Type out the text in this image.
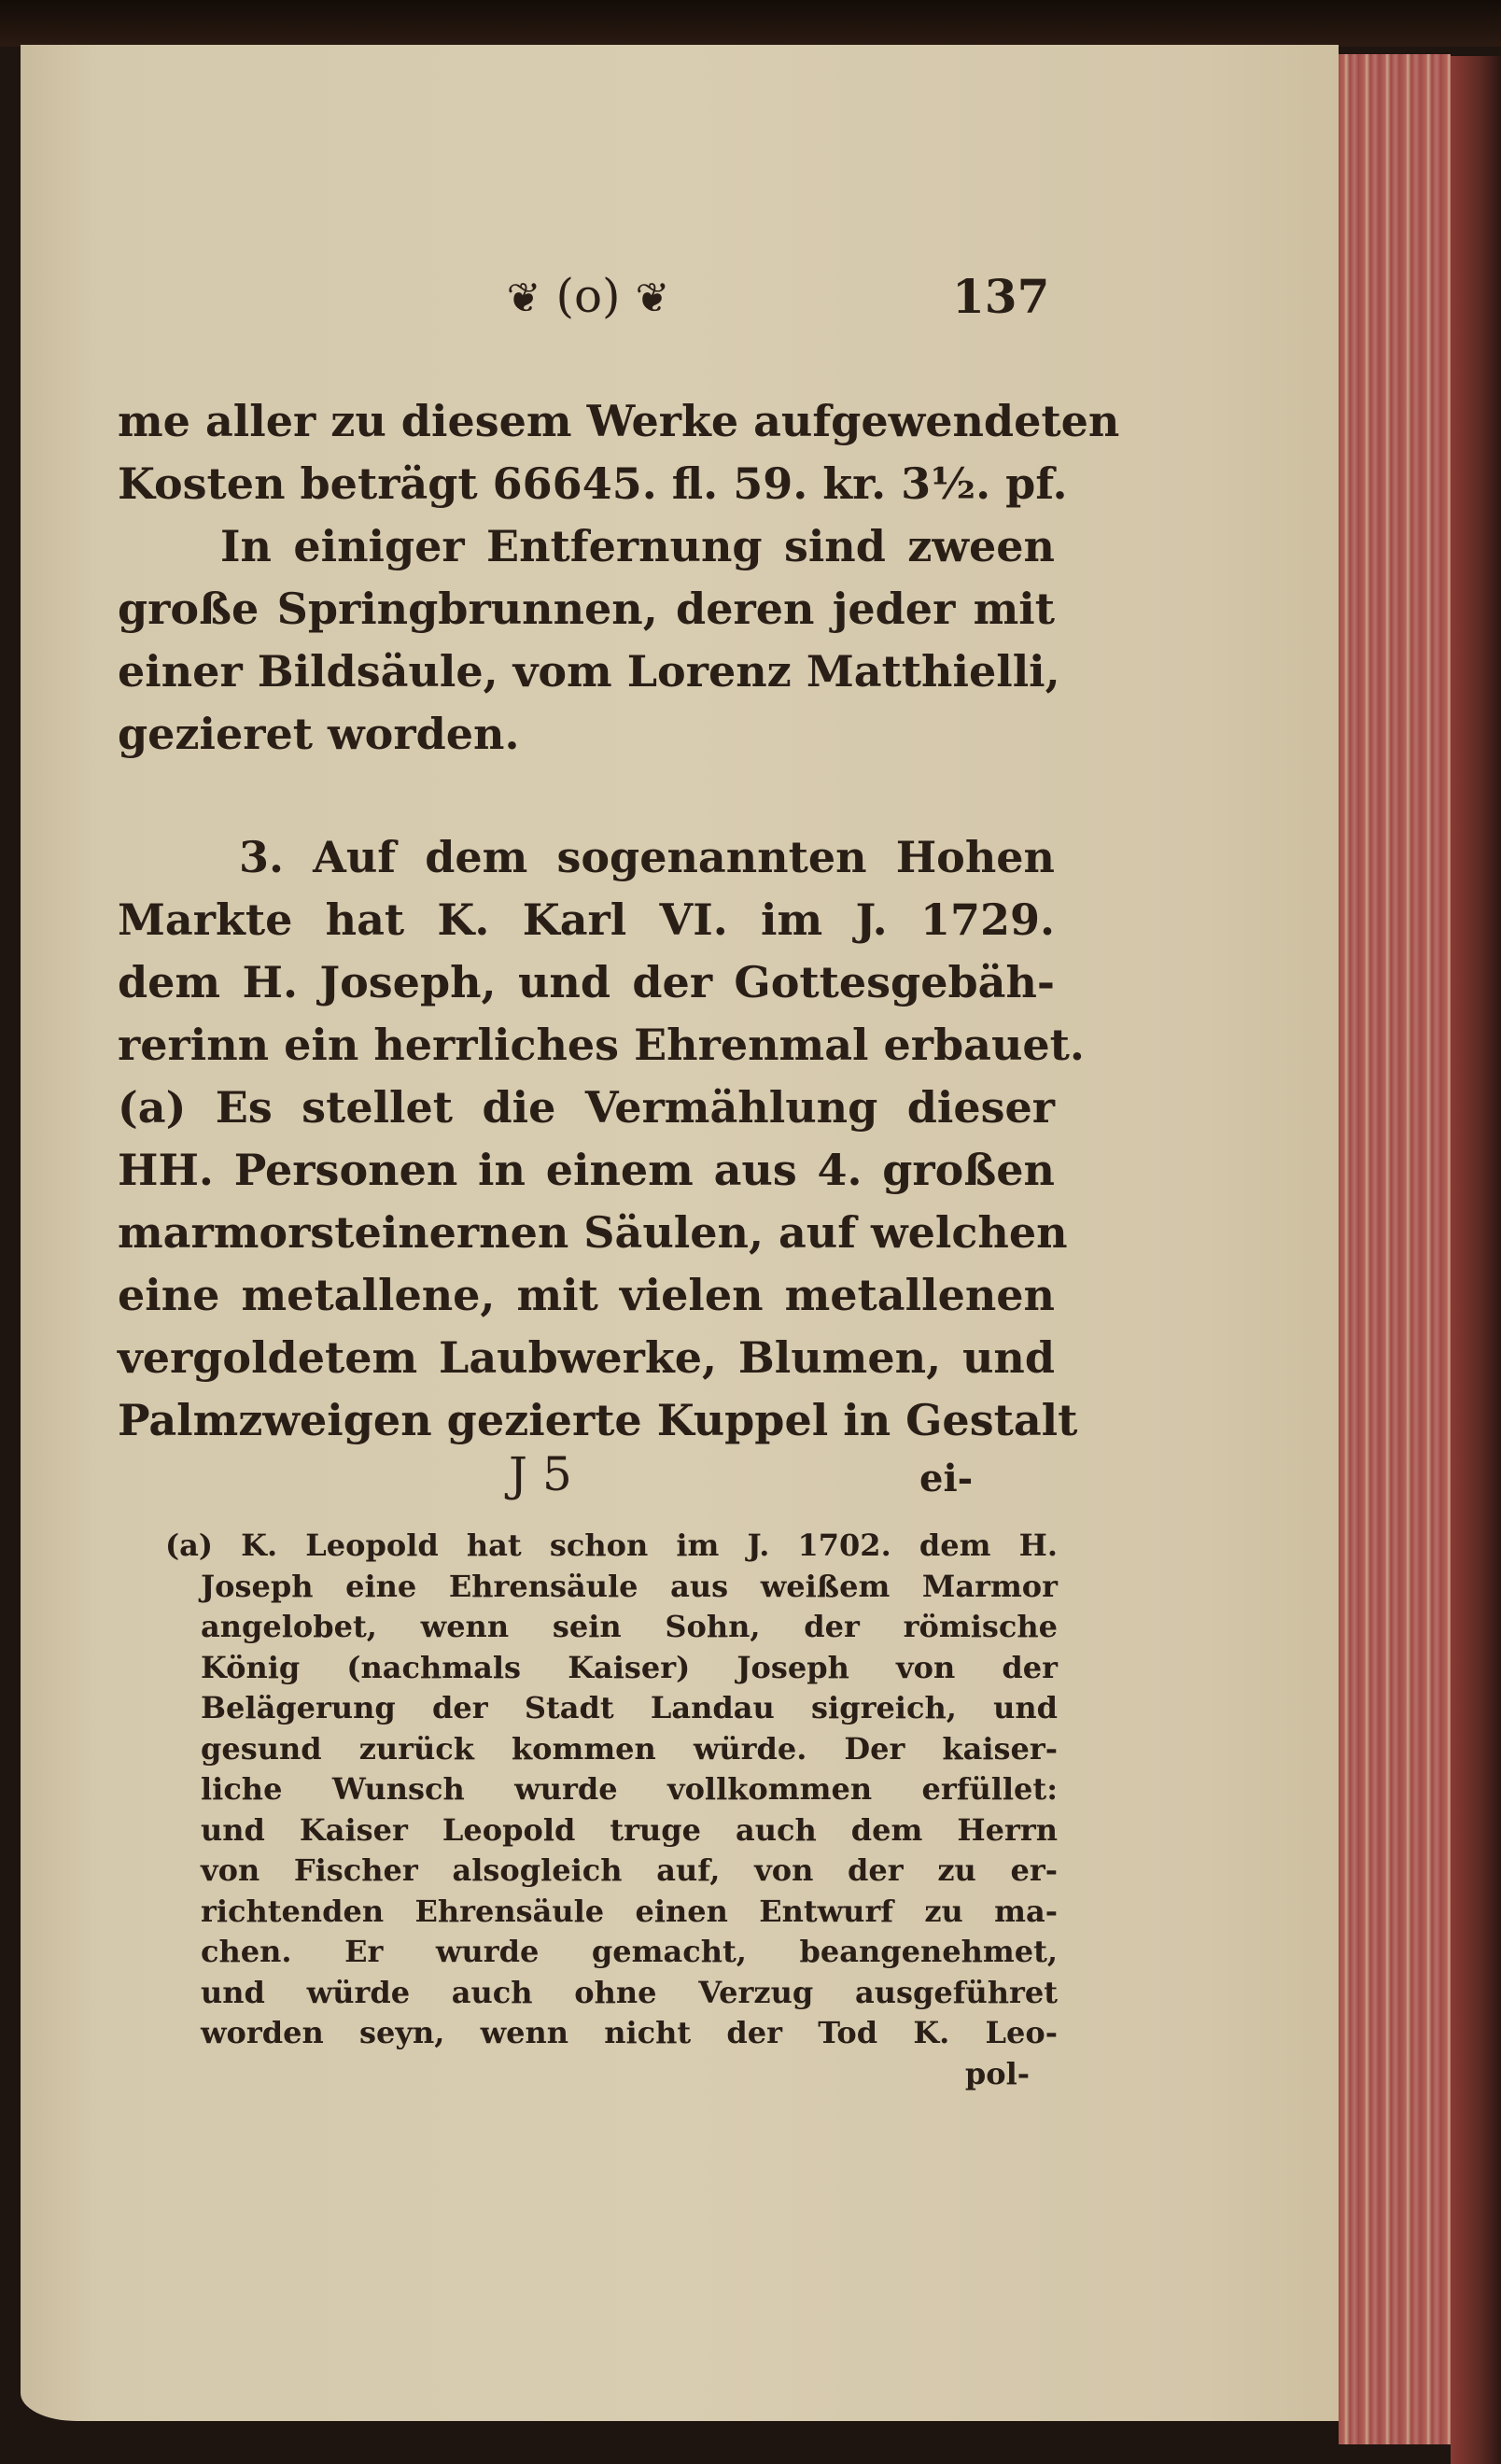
❦ (o) ❦	137
me aller zu diesem Werke aufgewendeten
Kosten beträgt 66645. fl. 59. kr. 3½. pf.
In einiger Entfernung sind zween
große Springbrunnen, deren jeder mit
einer Bildsäule, vom Lorenz Matthielli,
gezieret worden.
3. Auf dem sogenannten Hohen
Markte hat K. Karl VI. im J. 1729.
dem H. Joseph, und der Gottesgebäh-
rerinn ein herrliches Ehrenmal erbauet.
(a) Es stellet die Vermählung dieser
HH. Personen in einem aus 4. großen
marmorsteinernen Säulen, auf welchen
eine metallene, mit vielen metallenen
vergoldetem Laubwerke, Blumen, und
Palmzweigen gezierte Kuppel in Gestalt
J 5	ei-
(a) K. Leopold hat schon im J. 1702. dem H.
Joseph eine Ehrensäule aus weißem Marmor
angelobet, wenn sein Sohn, der römische
König (nachmals Kaiser) Joseph von der
Belägerung der Stadt Landau sigreich, und
gesund zurück kommen würde. Der kaiser-
liche Wunsch wurde vollkommen erfüllet:
und Kaiser Leopold truge auch dem Herrn
von Fischer alsogleich auf, von der zu er-
richtenden Ehrensäule einen Entwurf zu ma-
chen. Er wurde gemacht, beangenehmet,
und würde auch ohne Verzug ausgeführet
worden seyn, wenn nicht der Tod K. Leo-
pol-
